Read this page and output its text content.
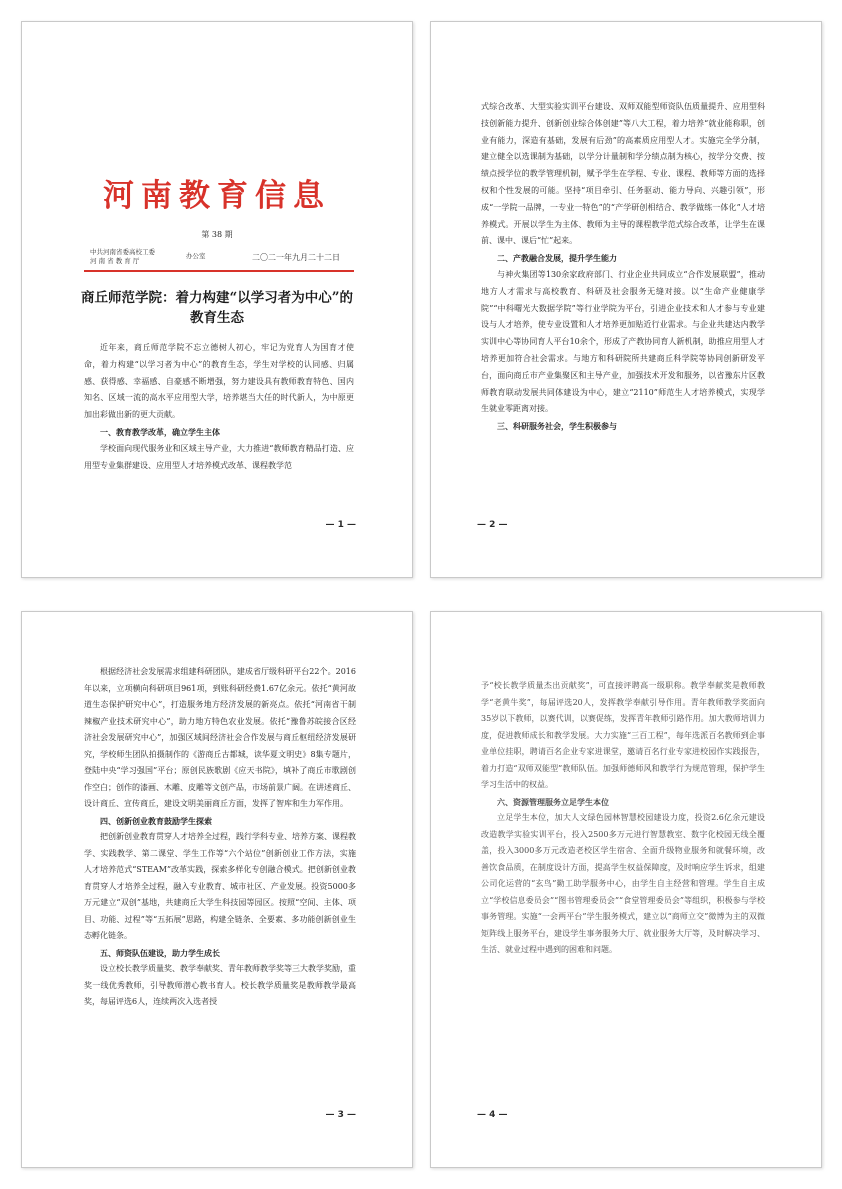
河南教育信息
第 38 期
中共河南省委高校工委
河 南 省 教 育 厅
办公室	二〇二一年九月二十二日
商丘师范学院：着力构建“以学习者为中心”的
教育生态

近年来，商丘师范学院不忘立德树人初心，牢记为党育人为国育才使命，着力构建“以学习者为中心”的教育生态，学生对学校的认同感、归属感、获得感、幸福感、自豪感不断增强，努力建设具有教师教育特色、国内知名、区域一流的高水平应用型大学，培养堪当大任的时代新人，为中原更加出彩做出新的更大贡献。

一、教育教学改革，确立学生主体

学校面向现代服务业和区域主导产业，大力推进“教师教育精品打造、应用型专业集群建设、应用型人才培养模式改革、课程教学范

— 1 —

式综合改革、大型实验实训平台建设、双师双能型师资队伍质量提升、应用型科技创新能力提升、创新创业综合体创建”等八大工程，着力培养“就业能称职，创业有能力，深造有基础，发展有后劲”的高素质应用型人才。实施完全学分制，建立健全以选课制为基础，以学分计量制和学分绩点制为核心，按学分交费、按绩点授学位的教学管理机制，赋予学生在学程、专业、课程、教师等方面的选择权和个性发展的可能。坚持“项目牵引、任务驱动、能力导向、兴趣引领”，形成“一学院一品牌，一专业一特色”的“产学研创相结合、教学做练一体化”人才培养模式。开展以学生为主体、教师为主导的课程教学范式综合改革，让学生在课前、课中、课后“忙”起来。

二、产教融合发展，提升学生能力

与神火集团等130余家政府部门、行业企业共同成立“合作发展联盟”，推动地方人才需求与高校教育、科研及社会服务无缝对接。以“生命产业健康学院”“中科曙光大数据学院”等行业学院为平台，引进企业技术和人才参与专业建设与人才培养，使专业设置和人才培养更加贴近行业需求。与企业共建达内教学实训中心等协同育人平台10余个，形成了产教协同育人新机制，助推应用型人才培养更加符合社会需求。与地方和科研院所共建商丘科学院等协同创新研发平台，面向商丘市产业集聚区和主导产业，加强技术开发和服务，以省豫东片区教师教育联动发展共同体建设为中心，建立“2110”师范生人才培养模式，实现学生就业零距离对接。

三、科研服务社会，学生积极参与

— 2 —

根据经济社会发展需求组建科研团队，建成省厅级科研平台22个。2016年以来，立项横向科研项目961项，到账科研经费1.67亿余元。依托“黄河故道生态保护研究中心”，打造服务地方经济发展的新亮点。依托“河南省干制辣椒产业技术研究中心”，助力地方特色农业发展。依托“豫鲁苏皖接合区经济社会发展研究中心”，加强区域间经济社会合作发展与商丘枢纽经济发展研究，学校师生团队拍摄制作的《游商丘古都城，读华夏文明史》8集专题片，登陆中央“学习强国”平台；原创民族歌剧《应天书院》，填补了商丘市歌剧创作空白；创作的漆画、木雕、皮雕等文创产品，市场前景广阔。在讲述商丘、设计商丘、宣传商丘，建设文明美丽商丘方面，发挥了智库和生力军作用。

四、创新创业教育鼓励学生探索

把创新创业教育贯穿人才培养全过程，践行学科专业、培养方案、课程教学、实践教学、第二课堂、学生工作等“六个站位”创新创业工作方法，实施人才培养范式“STEAM”改革实践，探索多样化专创融合模式。把创新创业教育贯穿人才培养全过程，融入专业教育、城市社区、产业发展。投资5000多万元建立“双创”基地，共建商丘大学生科技园等园区。按照“空间、主体、项目、功能、过程”等“五拓展”思路，构建全链条、全要素、多功能创新创业生态孵化链条。

五、师资队伍建设，助力学生成长

设立校长教学质量奖、教学奉献奖、青年教师教学奖等三大教学奖励，重奖一线优秀教师，引导教师潜心教书育人。校长教学质量奖是教师教学最高奖，每届评选6人，连续两次入选者授

— 3 —

予“校长教学质量杰出贡献奖”，可直接评聘高一级职称。教学奉献奖是教师教学“老黄牛奖”，每届评选20人，发挥教学奉献引导作用。青年教师教学奖面向35岁以下教师，以赛代训，以赛促练，发挥青年教师引路作用。加大教师培训力度，促进教师成长和教学发展。大力实施“三百工程”，每年选派百名教师到企事业单位挂职，聘请百名企业专家进课堂，邀请百名行业专家进校园作实践报告，着力打造“双师双能型”教师队伍。加强师德师风和教学行为规范管理，保护学生学习生活中的权益。

六、资源管理服务立足学生本位

立足学生本位，加大人文绿色园林智慧校园建设力度，投资2.6亿余元建设改造教学实验实训平台，投入2500多万元进行智慧教室、数字化校园无线全覆盖，投入3000多万元改造老校区学生宿舍、全面升级物业服务和就餐环境，改善饮食品质，在制度设计方面，提高学生权益保障度，及时响应学生诉求，组建公司化运营的“玄鸟”勤工助学服务中心，由学生自主经营和管理。学生自主成立“学校信息委员会”“图书管理委员会”“食堂管理委员会”等组织，积极参与学校事务管理。实施“一会两平台”学生服务模式，建立以“商师立交”微博为主的双微矩阵线上服务平台，建设学生事务服务大厅、就业服务大厅等，及时解决学习、生活、就业过程中遇到的困难和问题。

— 4 —
